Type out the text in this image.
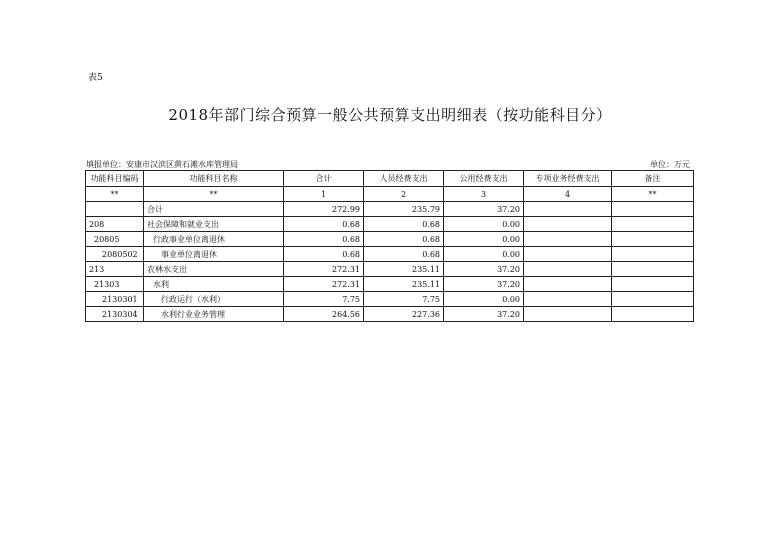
表5
2018年部门综合预算一般公共预算支出明细表（按功能科目分）
填报单位：安康市汉滨区黄石滩水库管理局	单位：万元
功能科目编码	功能科目名称	合计	人员经费支出	公用经费支出	专项业务经费支出	备注
**	**	1	2	3	4	**
	合计	272.99	235.79	37.20		
208	社会保障和就业支出	0.68	0.68	0.00		
20805	行政事业单位离退休	0.68	0.68	0.00		
2080502	事业单位离退休	0.68	0.68	0.00		
213	农林水支出	272.31	235.11	37.20		
21303	水利	272.31	235.11	37.20		
2130301	行政运行（水利）	7.75	7.75	0.00		
2130304	水利行业业务管理	264.56	227.36	37.20		
